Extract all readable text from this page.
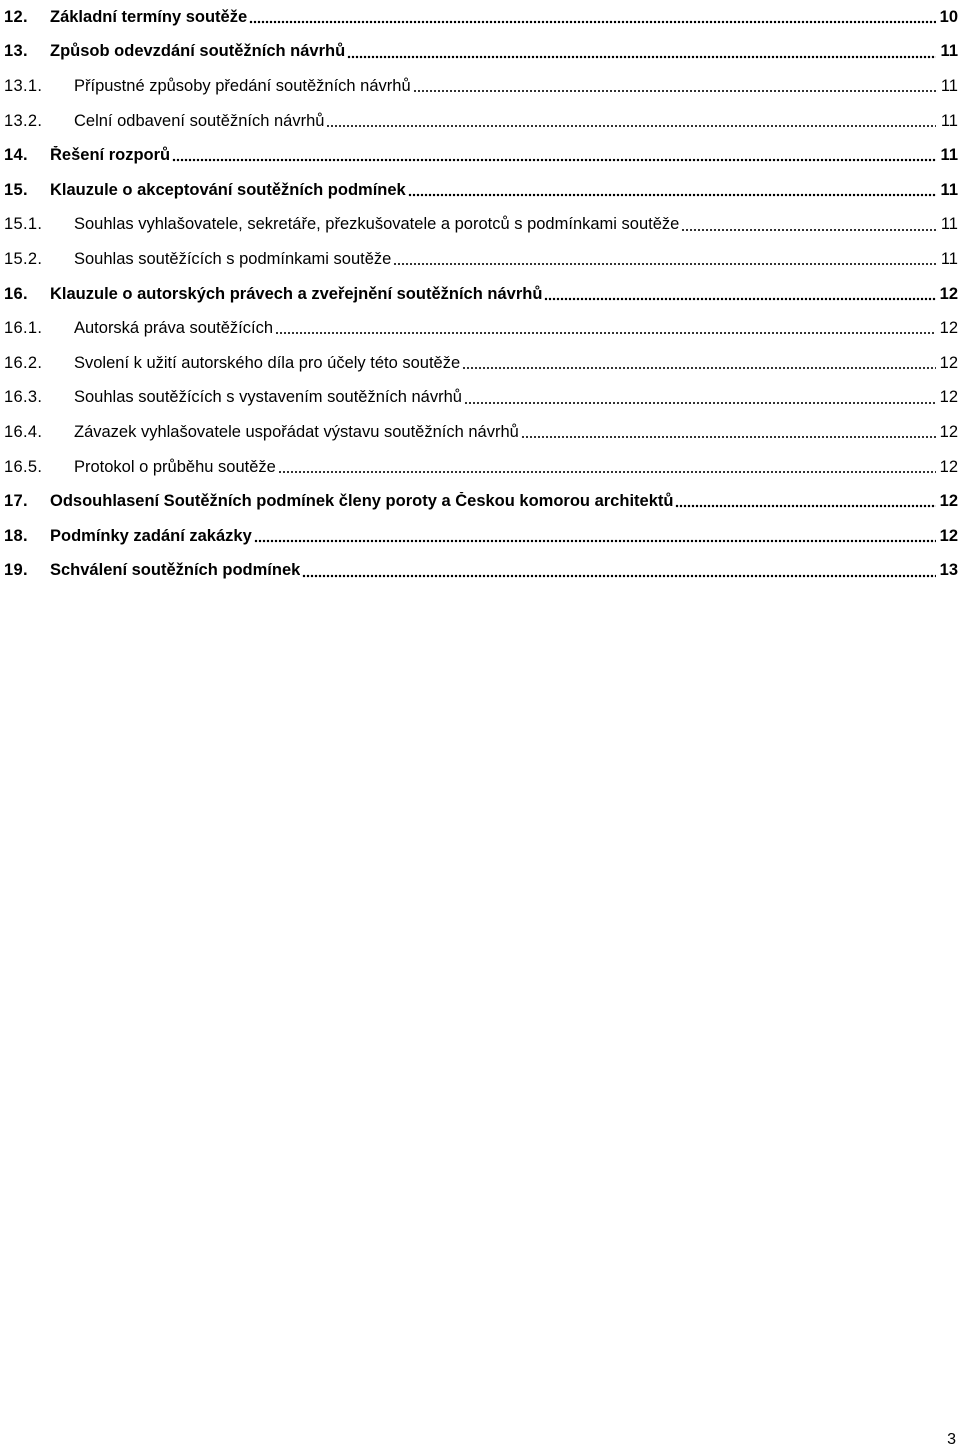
12.	Základní termíny soutěže	10
13.	Způsob odevzdání soutěžních návrhů	11
13.1.	Přípustné způsoby předání soutěžních návrhů	11
13.2.	Celní odbavení soutěžních návrhů	11
14.	Řešení rozporů	11
15.	Klauzule o akceptování soutěžních podmínek	11
15.1.	Souhlas vyhlašovatele, sekretáře, přezkušovatele a porotců s podmínkami soutěže	11
15.2.	Souhlas soutěžících s podmínkami soutěže	11
16.	Klauzule o autorských právech a zveřejnění soutěžních návrhů	12
16.1.	Autorská práva soutěžících	12
16.2.	Svolení k užití autorského díla pro účely této soutěže	12
16.3.	Souhlas soutěžících s vystavením soutěžních návrhů	12
16.4.	Závazek vyhlašovatele uspořádat výstavu soutěžních návrhů	12
16.5.	Protokol o průběhu soutěže	12
17.	Odsouhlasení Soutěžních podmínek členy poroty a Českou komorou architektů	12
18.	Podmínky zadání zakázky	12
19.	Schválení soutěžních podmínek	13
3
